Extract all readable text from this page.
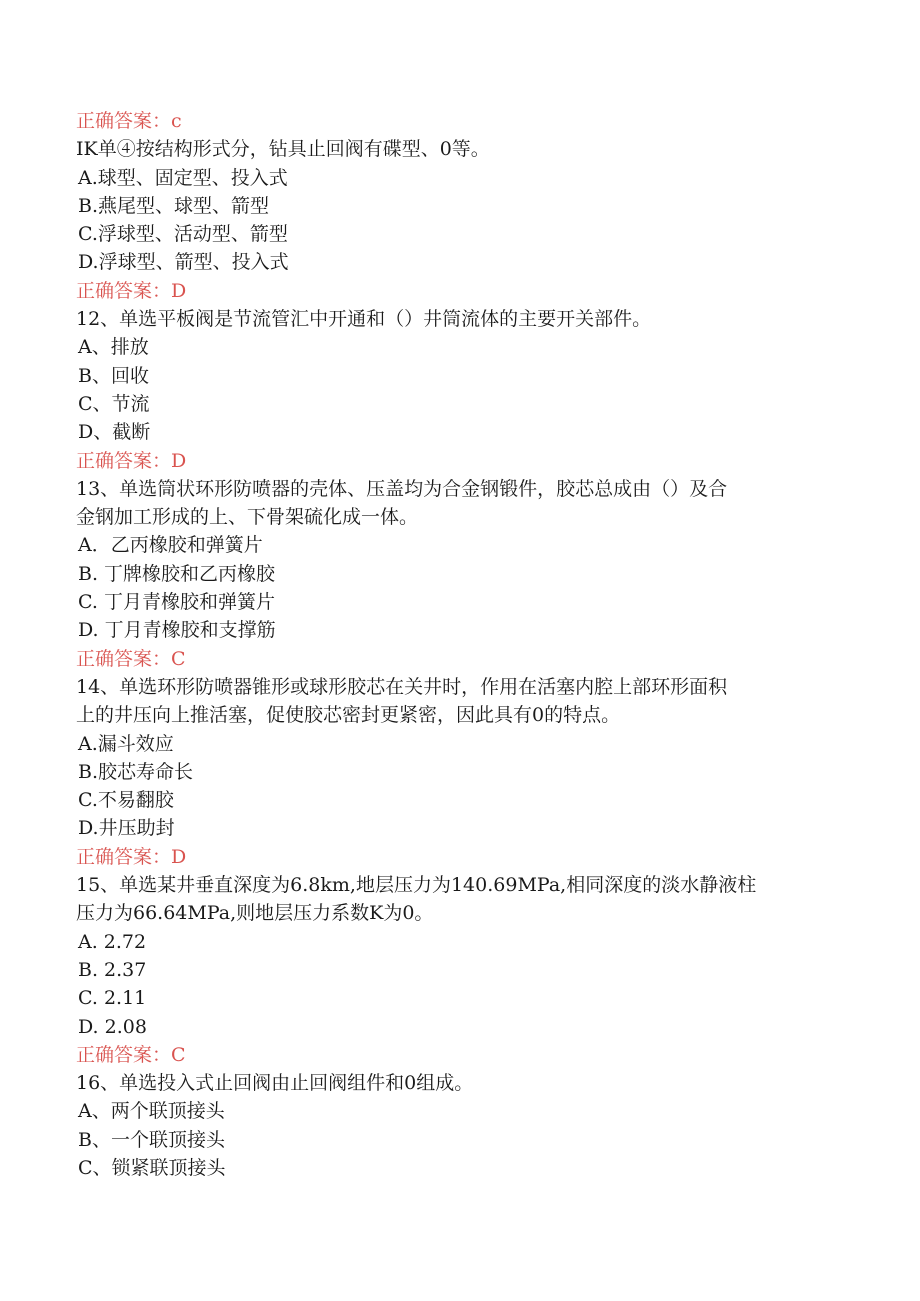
正确答案：c
IK单④按结构形式分，钻具止回阀有碟型、0等。
A.球型、固定型、投入式
B.燕尾型、球型、箭型
C.浮球型、活动型、箭型
D.浮球型、箭型、投入式
正确答案：D
12、单选平板阀是节流管汇中开通和（）井筒流体的主要开关部件。
A、排放
B、回收
C、节流
D、截断
正确答案：D
13、单选筒状环形防喷器的壳体、压盖均为合金钢锻件，胶芯总成由（）及合
金钢加工形成的上、下骨架硫化成一体。
A．乙丙橡胶和弹簧片
B. 丁牌橡胶和乙丙橡胶
C. 丁月青橡胶和弹簧片
D. 丁月青橡胶和支撑筋
正确答案：C
14、单选环形防喷器锥形或球形胶芯在关井时，作用在活塞内腔上部环形面积
上的井压向上推活塞，促使胶芯密封更紧密，因此具有0的特点。
A.漏斗效应
B.胶芯寿命长
C.不易翻胶
D.井压助封
正确答案：D
15、单选某井垂直深度为6.8km,地层压力为140.69MPa,相同深度的淡水静液柱
压力为66.64MPa,则地层压力系数K为0。
A. 2.72
B. 2.37
C. 2.11
D. 2.08
正确答案：C
16、单选投入式止回阀由止回阀组件和0组成。
A、两个联顶接头
B、一个联顶接头
C、锁紧联顶接头
